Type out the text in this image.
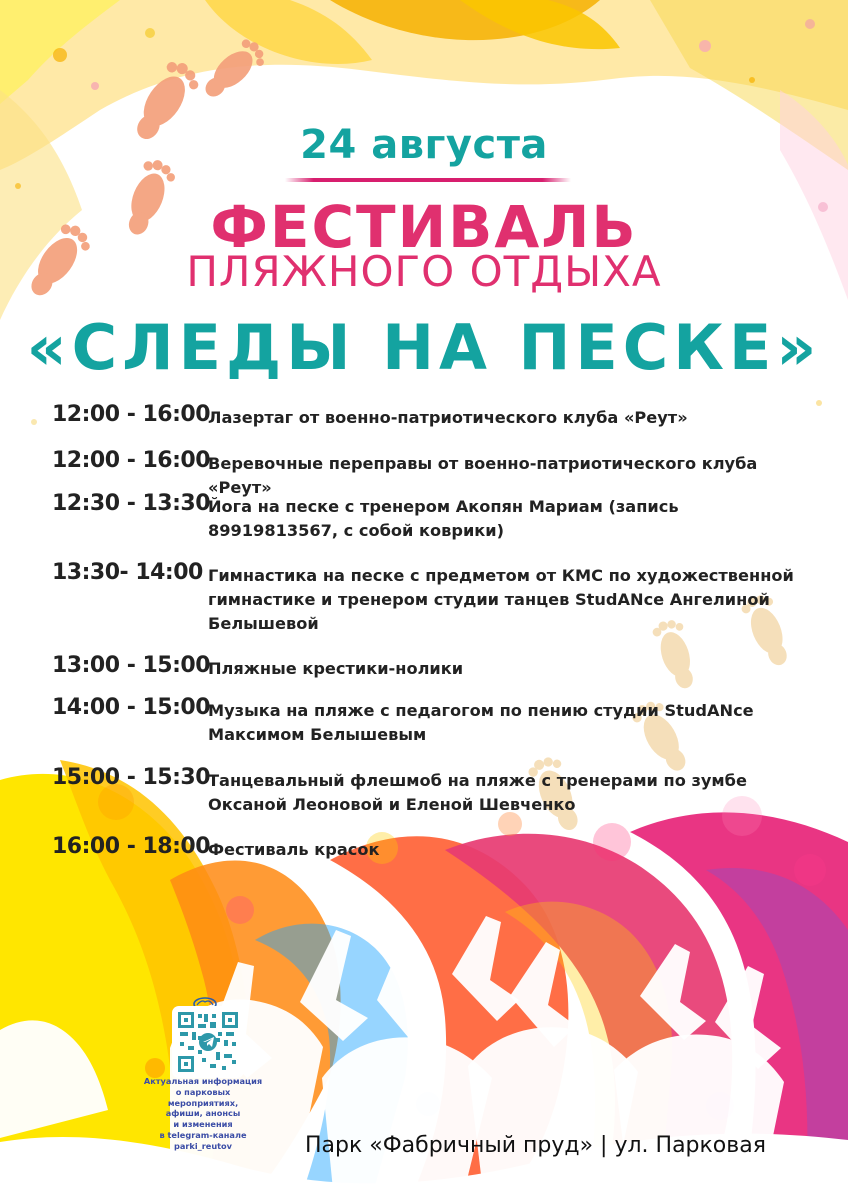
24 августа
ФЕСТИВАЛЬ
ПЛЯЖНОГО ОТДЫХА
«СЛЕДЫ НА ПЕСКЕ»
12:00 - 16:00
Лазертаг от военно-патриотического клуба «Реут»
12:00 - 16:00
Веревочные переправы от военно-патриотического клуба «Реут»
12:30 - 13:30
Йога на песке с тренером Акопян Мариам (запись 89919813567, с собой коврики)
13:30- 14:00 Гимнастика на песке с предметом от КМС по художественной гимнастике и тренером студии танцев StudANce Ангелиной Белышевой
13:00 - 15:00
Пляжные крестики-нолики
14:00 - 15:00
Музыка на пляже с педагогом по пению студии StudANce Максимом Белышевым
15:00 - 15:30
Танцевальный флешмоб на пляже с тренерами по зумбе Оксаной Леоновой и Еленой Шевченко
16:00 - 18:00
Фестиваль красок
Актуальная информация
о парковых
мероприятиях,
афиши, анонсы
и изменения
в telegram-канале
parki_reutov	Парк «Фабричный пруд» | ул. Парковая
